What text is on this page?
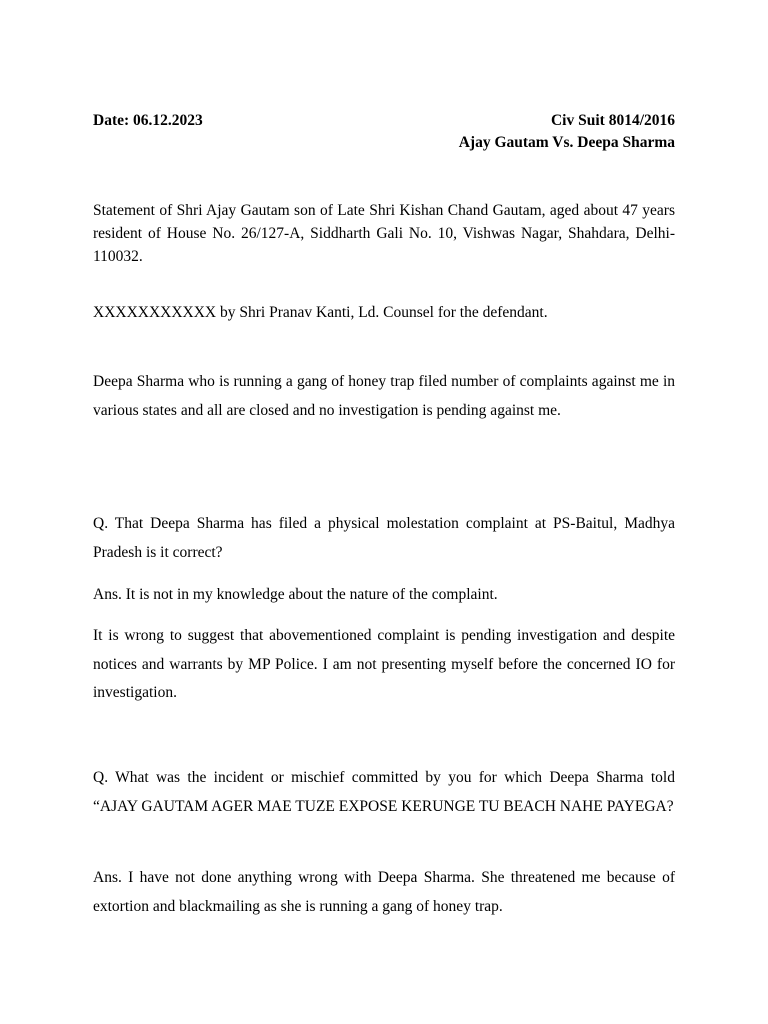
Date: 06.12.2023	Civ Suit 8014/2016
Ajay Gautam Vs. Deepa Sharma

Statement of Shri Ajay Gautam son of Late Shri Kishan Chand Gautam, aged about 47 years resident of House No. 26/127-A, Siddharth Gali No. 10, Vishwas Nagar, Shahdara, Delhi-110032.

XXXXXXXXXXX by Shri Pranav Kanti, Ld. Counsel for the defendant.

Deepa Sharma who is running a gang of honey trap filed number of complaints against me in various states and all are closed and no investigation is pending against me.

Q. That Deepa Sharma has filed a physical molestation complaint at PS-Baitul, Madhya Pradesh is it correct?

Ans. It is not in my knowledge about the nature of the complaint.

It is wrong to suggest that abovementioned complaint is pending investigation and despite notices and warrants by MP Police. I am not presenting myself before the concerned IO for investigation.

Q. What was the incident or mischief committed by you for which Deepa Sharma told “AJAY GAUTAM AGER MAE TUZE EXPOSE KERUNGE TU BEACH NAHE PAYEGA?

Ans. I have not done anything wrong with Deepa Sharma. She threatened me because of extortion and blackmailing as she is running a gang of honey trap.
